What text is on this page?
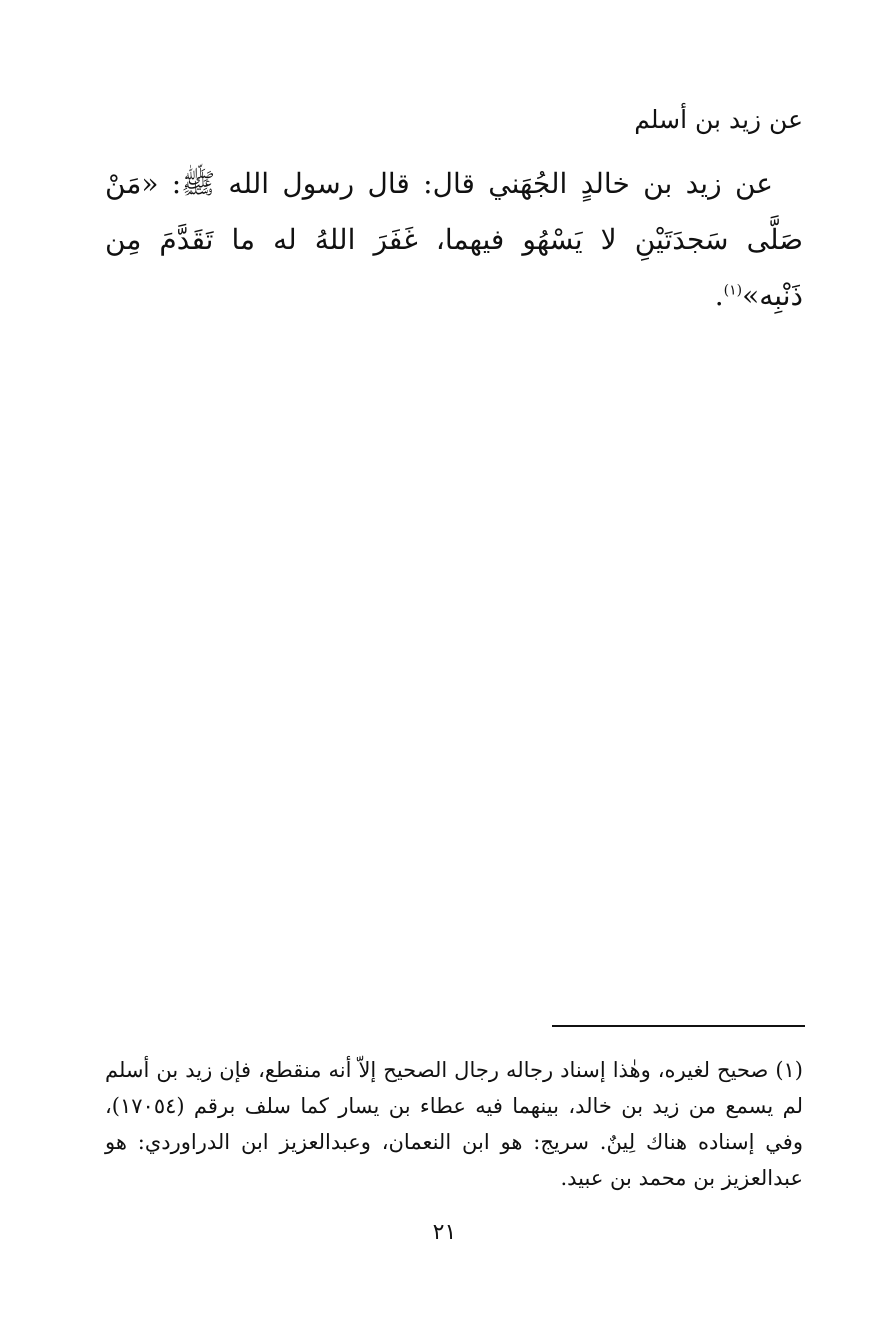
عن زيد بن أسلم

عن زيد بن خالدٍ الجُهَني قال: قال رسول الله ﷺ: «مَنْ صَلَّى سَجدَتَيْنِ لا يَسْهُو فيهما، غَفَرَ اللهُ له ما تَقَدَّمَ مِن ذَنْبِه»$^{(١)}$.

(١) صحيح لغيره، وهٰذا إسناد رجاله رجال الصحيح إلاّ أنه منقطع، فإن زيد بن أسلم لم يسمع من زيد بن خالد، بينهما فيه عطاء بن يسار كما سلف برقم (١٧٠٥٤)، وفي إسناده هناك لِينٌ. سريج: هو ابن النعمان، وعبدالعزيز ابن الدراوردي: هو عبدالعزيز بن محمد بن عبيد.

٢١
